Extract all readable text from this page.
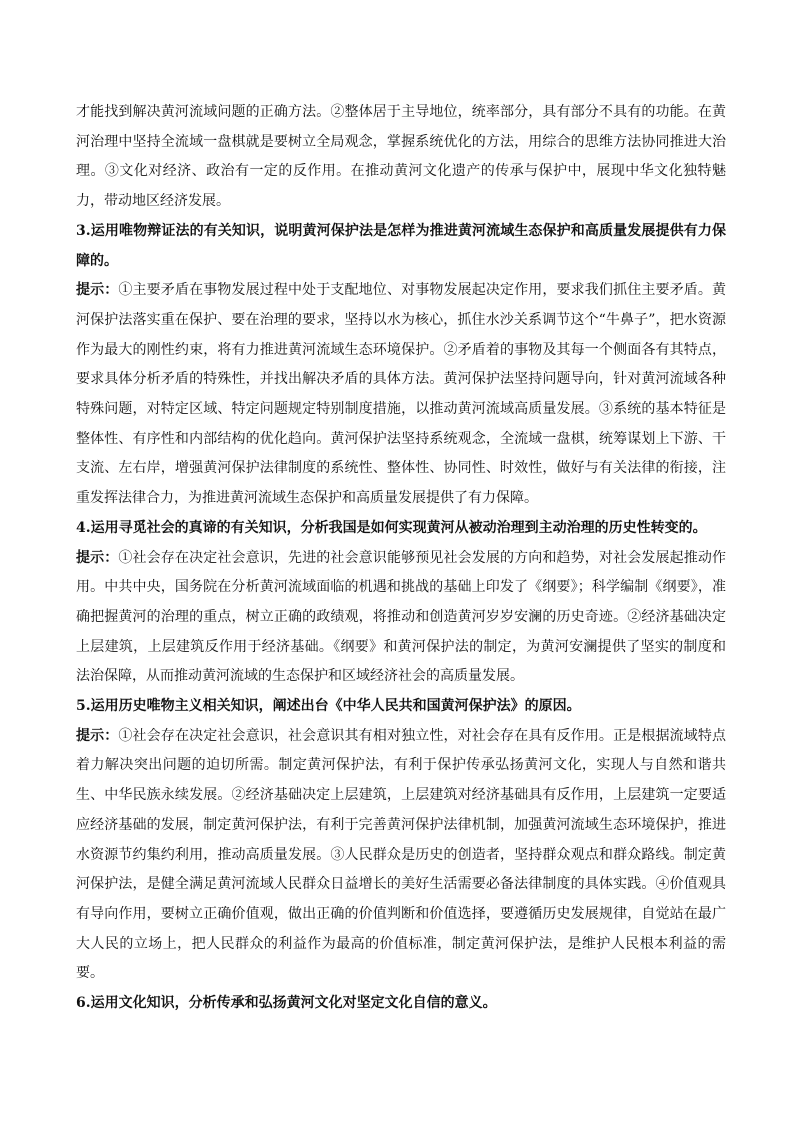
才能找到解决黄河流域问题的正确方法。②整体居于主导地位，统率部分，具有部分不具有的功能。在黄河治理中坚持全流域一盘棋就是要树立全局观念，掌握系统优化的方法，用综合的思维方法协同推进大治理。③文化对经济、政治有一定的反作用。在推动黄河文化遗产的传承与保护中，展现中华文化独特魅力，带动地区经济发展。

3.运用唯物辩证法的有关知识，说明黄河保护法是怎样为推进黄河流域生态保护和高质量发展提供有力保障的。

提示：①主要矛盾在事物发展过程中处于支配地位、对事物发展起决定作用，要求我们抓住主要矛盾。黄河保护法落实重在保护、要在治理的要求，坚持以水为核心，抓住水沙关系调节这个“牛鼻子”，把水资源作为最大的刚性约束，将有力推进黄河流域生态环境保护。②矛盾着的事物及其每一个侧面各有其特点，要求具体分析矛盾的特殊性，并找出解决矛盾的具体方法。黄河保护法坚持问题导向，针对黄河流域各种特殊问题，对特定区域、特定问题规定特别制度措施，以推动黄河流域高质量发展。③系统的基本特征是整体性、有序性和内部结构的优化趋向。黄河保护法坚持系统观念，全流域一盘棋，统筹谋划上下游、干支流、左右岸，增强黄河保护法律制度的系统性、整体性、协同性、时效性，做好与有关法律的衔接，注重发挥法律合力，为推进黄河流域生态保护和高质量发展提供了有力保障。

4.运用寻觅社会的真谛的有关知识，分析我国是如何实现黄河从被动治理到主动治理的历史性转变的。

提示：①社会存在决定社会意识，先进的社会意识能够预见社会发展的方向和趋势，对社会发展起推动作用。中共中央，国务院在分析黄河流域面临的机遇和挑战的基础上印发了《纲要》；科学编制《纲要》，准确把握黄河的治理的重点，树立正确的政绩观，将推动和创造黄河岁岁安澜的历史奇迹。②经济基础决定上层建筑，上层建筑反作用于经济基础。《纲要》和黄河保护法的制定，为黄河安澜提供了坚实的制度和法治保障，从而推动黄河流域的生态保护和区域经济社会的高质量发展。

5.运用历史唯物主义相关知识，阐述出台《中华人民共和国黄河保护法》的原因。

提示：①社会存在决定社会意识，社会意识其有相对独立性，对社会存在具有反作用。正是根据流域特点着力解决突出问题的迫切所需。制定黄河保护法，有利于保护传承弘扬黄河文化，实现人与自然和谐共生、中华民族永续发展。②经济基础决定上层建筑，上层建筑对经济基础具有反作用，上层建筑一定要适应经济基础的发展，制定黄河保护法，有利于完善黄河保护法律机制，加强黄河流域生态环境保护，推进水资源节约集约利用，推动高质量发展。③人民群众是历史的创造者，坚持群众观点和群众路线。制定黄河保护法，是健全满足黄河流域人民群众日益增长的美好生活需要必备法律制度的具体实践。④价值观具有导向作用，要树立正确价值观，做出正确的价值判断和价值选择，要遵循历史发展规律，自觉站在最广大人民的立场上，把人民群众的利益作为最高的价值标准，制定黄河保护法，是维护人民根本利益的需要。

6.运用文化知识，分析传承和弘扬黄河文化对坚定文化自信的意义。
